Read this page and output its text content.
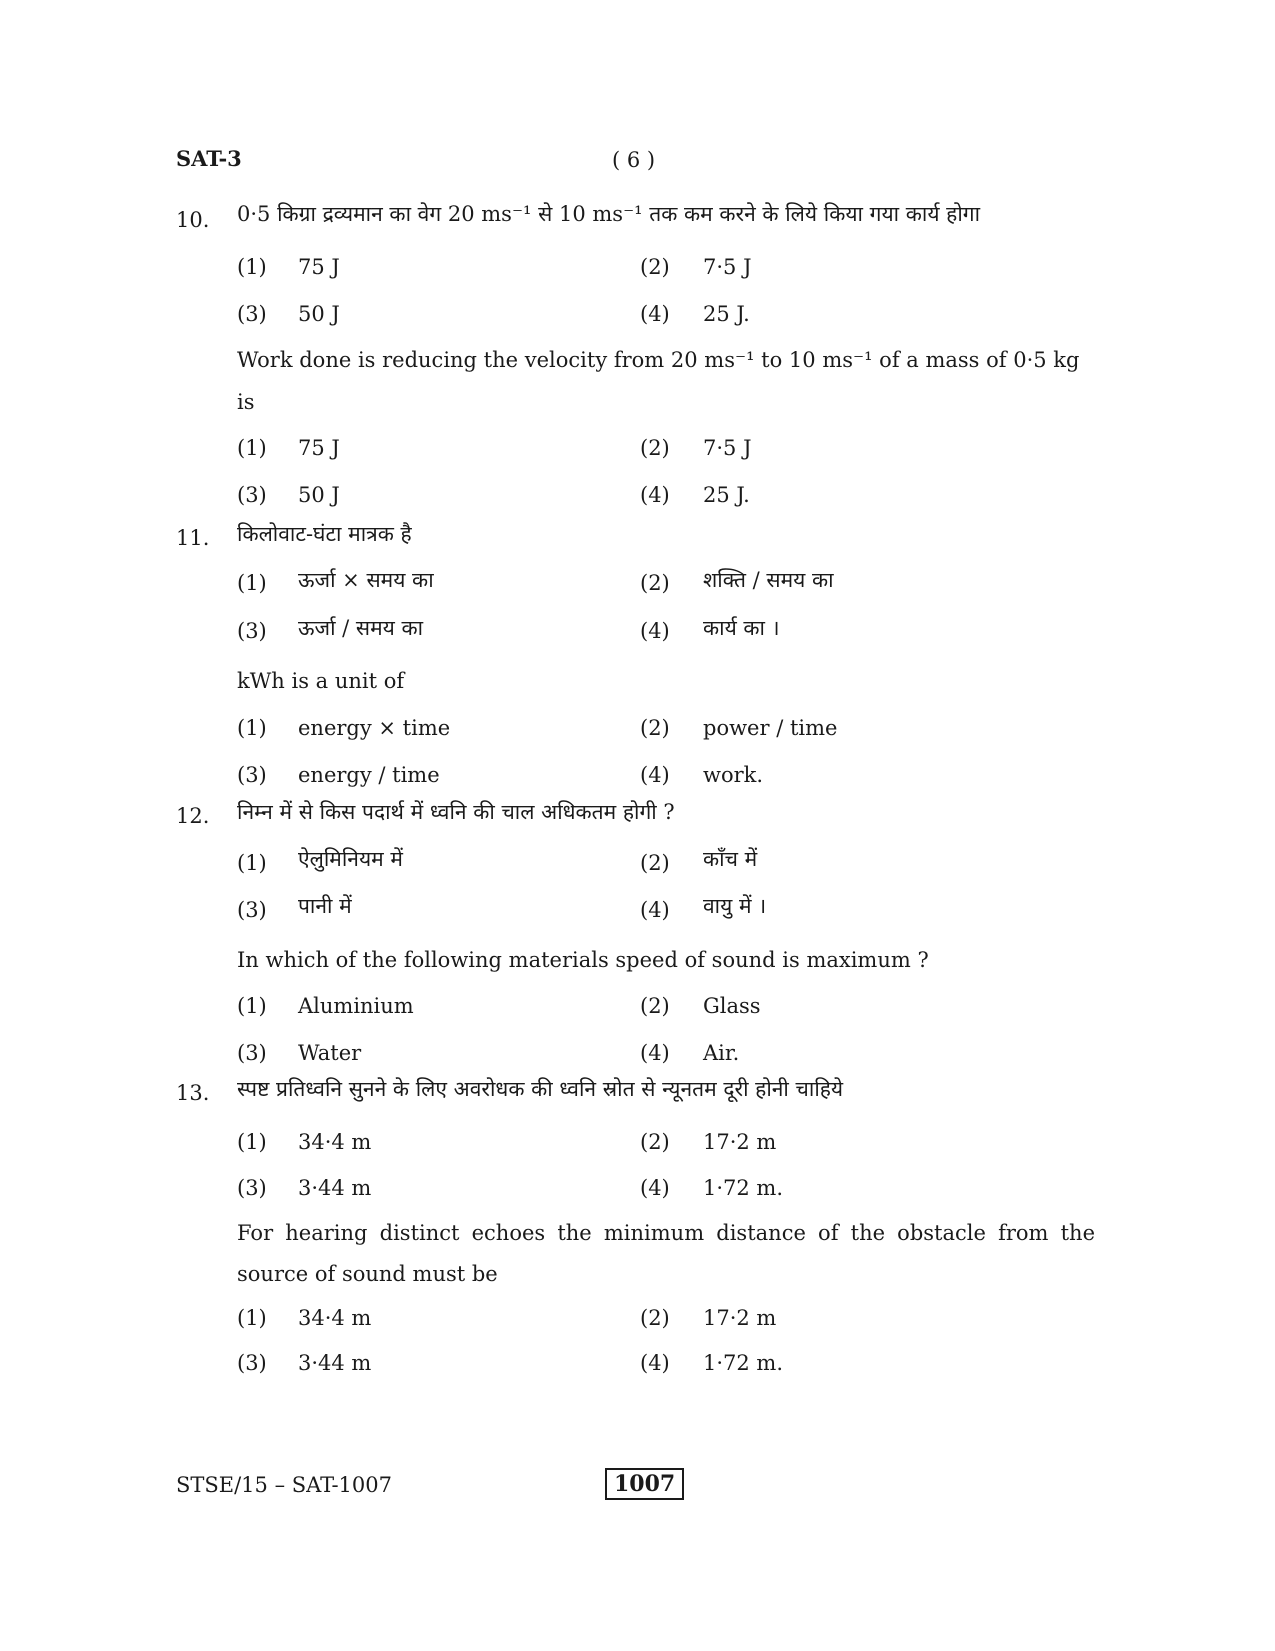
SAT-3	( 6 )
10. 0·5 किग्रा द्रव्यमान का वेग 20 ms⁻¹ से 10 ms⁻¹ तक कम करने के लिये किया गया कार्य होगा
(1) 75 J	(2) 7·5 J
(3) 50 J	(4) 25 J.
Work done is reducing the velocity from 20 ms⁻¹ to 10 ms⁻¹ of a mass of 0·5 kg
is
(1) 75 J	(2) 7·5 J
(3) 50 J	(4) 25 J.
11. किलोवाट-घंटा मात्रक है
(1) ऊर्जा × समय का	(2) शक्ति / समय का
(3) ऊर्जा / समय का	(4) कार्य का ।
kWh is a unit of
(1) energy × time	(2) power / time
(3) energy / time	(4) work.
12. निम्न में से किस पदार्थ में ध्वनि की चाल अधिकतम होगी ?
(1) ऐलुमिनियम में	(2) काँच में
(3) पानी में	(4) वायु में ।
In which of the following materials speed of sound is maximum ?
(1) Aluminium	(2) Glass
(3) Water	(4) Air.
13. स्पष्ट प्रतिध्वनि सुनने के लिए अवरोधक की ध्वनि स्रोत से न्यूनतम दूरी होनी चाहिये
(1) 34·4 m	(2) 17·2 m
(3) 3·44 m	(4) 1·72 m.
For hearing distinct echoes the minimum distance of the obstacle from the
source of sound must be
(1) 34·4 m	(2) 17·2 m
(3) 3·44 m	(4) 1·72 m.
STSE/15 – SAT-1007	1007
